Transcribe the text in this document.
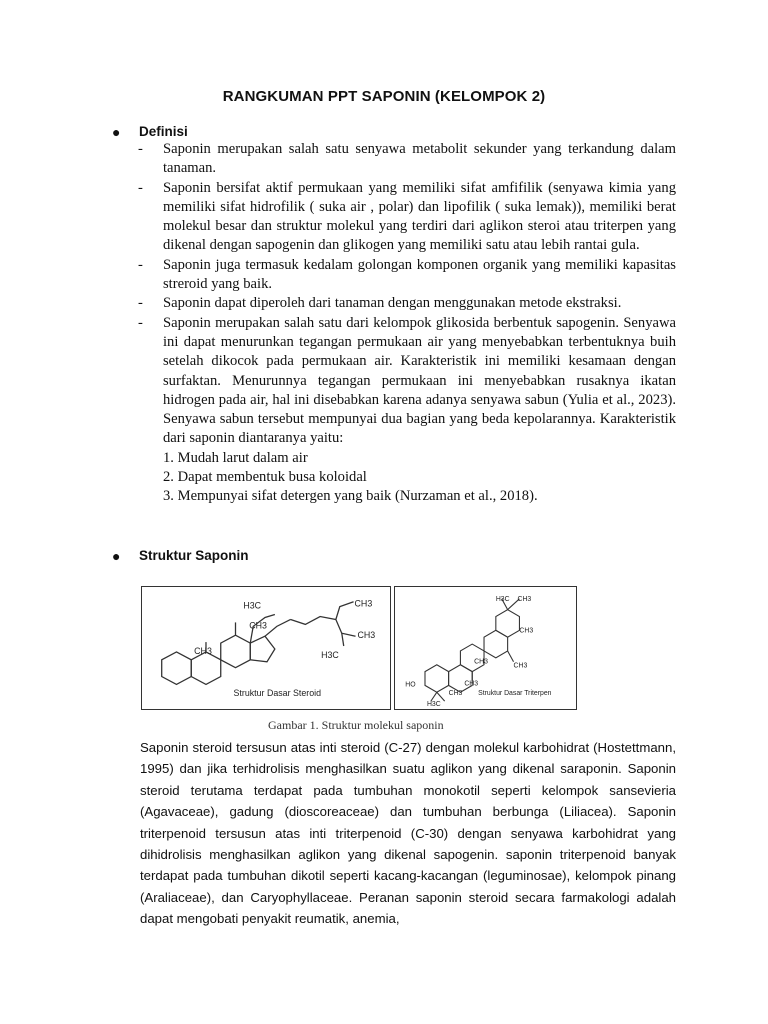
RANGKUMAN PPT SAPONIN (KELOMPOK 2)
● Definisi
- Saponin merupakan salah satu senyawa metabolit sekunder yang terkandung dalam tanaman.
- Saponin bersifat aktif permukaan yang memiliki sifat amfifilik (senyawa kimia yang memiliki sifat hidrofilik ( suka air , polar) dan lipofilik ( suka lemak)), memiliki berat molekul besar dan struktur molekul yang terdiri dari aglikon steroi atau triterpen yang dikenal dengan sapogenin dan glikogen yang memiliki satu atau lebih rantai gula.
- Saponin juga termasuk kedalam golongan komponen organik yang memiliki kapasitas streroid yang baik.
- Saponin dapat diperoleh dari tanaman dengan menggunakan metode ekstraksi.
- Saponin merupakan salah satu dari kelompok glikosida berbentuk sapogenin. Senyawa ini dapat menurunkan tegangan permukaan air yang menyebabkan terbentuknya buih setelah dikocok pada permukaan air. Karakteristik ini memiliki kesamaan dengan surfaktan. Menurunnya tegangan permukaan ini menyebabkan rusaknya ikatan hidrogen pada air, hal ini disebabkan karena adanya senyawa sabun (Yulia et al., 2023). Senyawa sabun tersebut mempunyai dua bagian yang beda kepolarannya. Karakteristik dari saponin diantaranya yaitu:
1. Mudah larut dalam air
2. Dapat membentuk busa koloidal
3. Mempunyai sifat detergen yang baik (Nurzaman et al., 2018).
● Struktur Saponin
H3C
CH3
CH3
CH3
H3C
CH3
Struktur Dasar Steroid
H3C CH3
CH3
CH3
CH3
CH3
HO
H3C
CH3 Struktur Dasar Triterpen
Gambar 1. Struktur molekul saponin
Saponin steroid tersusun atas inti steroid (C-27) dengan molekul karbohidrat (Hostettmann, 1995) dan jika terhidrolisis menghasilkan suatu aglikon yang dikenal saraponin. Saponin steroid terutama terdapat pada tumbuhan monokotil seperti kelompok sansevieria (Agavaceae), gadung (dioscoreaceae) dan tumbuhan berbunga (Liliacea). Saponin triterpenoid tersusun atas inti triterpenoid (C-30) dengan senyawa karbohidrat yang dihidrolisis menghasilkan aglikon yang dikenal sapogenin. saponin triterpenoid banyak terdapat pada tumbuhan dikotil seperti kacang-kacangan (leguminosae), kelompok pinang (Araliaceae), dan Caryophyllaceae. Peranan saponin steroid secara farmakologi adalah dapat mengobati penyakit reumatik, anemia,
